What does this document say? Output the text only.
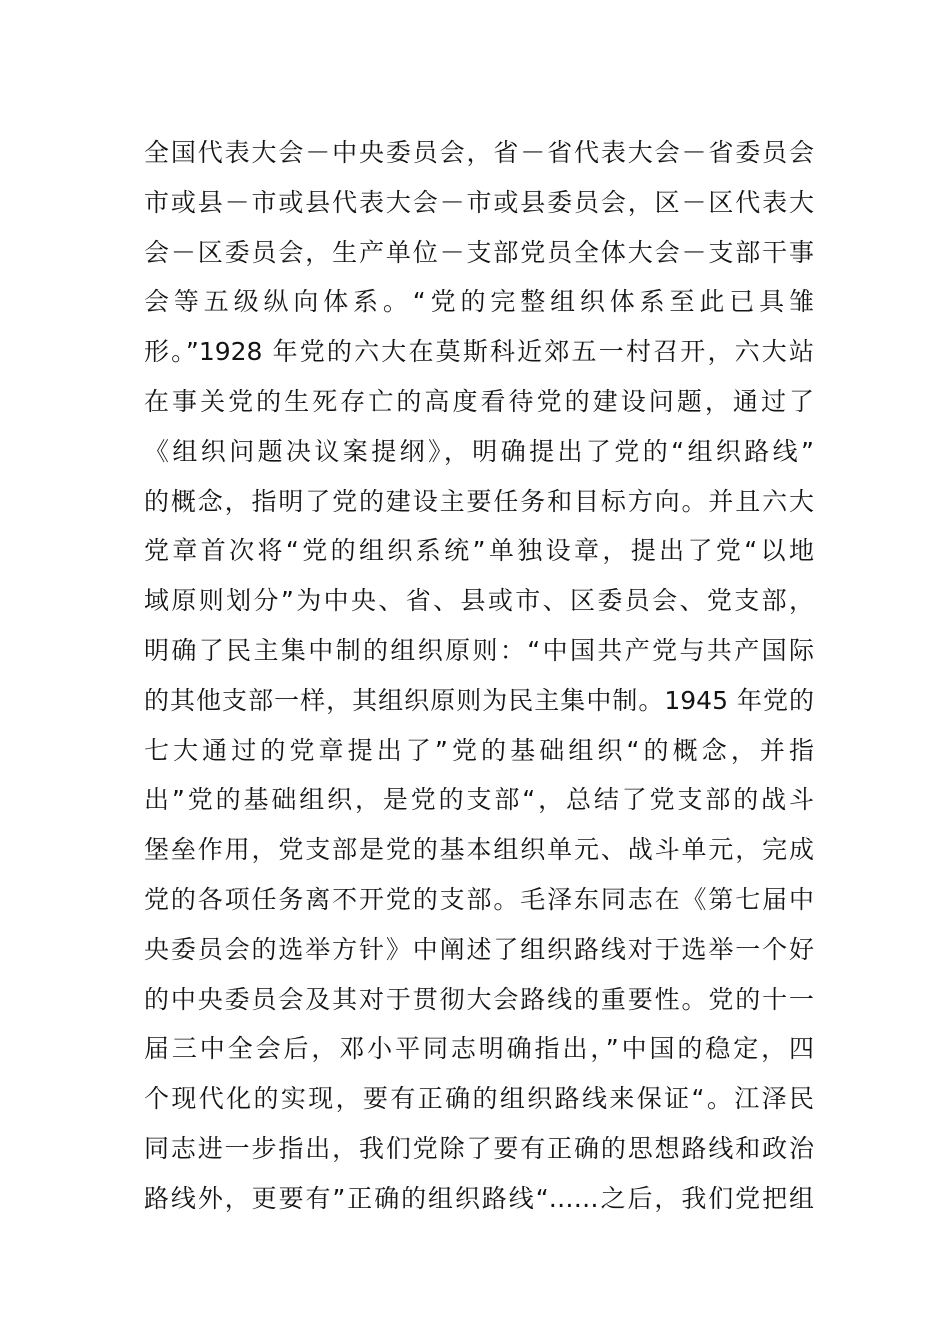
全国代表大会－中央委员会，省－省代表大会－省委员会
市或县－市或县代表大会－市或县委员会，区－区代表大
会－区委员会，生产单位－支部党员全体大会－支部干事
会等五级纵向体系。“党的完整组织体系至此已具雏
形。”1928 年党的六大在莫斯科近郊五一村召开，六大站
在事关党的生死存亡的高度看待党的建设问题，通过了
《组织问题决议案提纲》，明确提出了党的“组织路线”
的概念，指明了党的建设主要任务和目标方向。并且六大
党章首次将“党的组织系统”单独设章，提出了党“以地
域原则划分”为中央、省、县或市、区委员会、党支部，
明确了民主集中制的组织原则：“中国共产党与共产国际
的其他支部一样，其组织原则为民主集中制。1945 年党的
七大通过的党章提出了”党的基础组织“的概念，并指
出”党的基础组织，是党的支部“，总结了党支部的战斗
堡垒作用，党支部是党的基本组织单元、战斗单元，完成
党的各项任务离不开党的支部。毛泽东同志在《第七届中
央委员会的选举方针》中阐述了组织路线对于选举一个好
的中央委员会及其对于贯彻大会路线的重要性。党的十一
届三中全会后，邓小平同志明确指出，”中国的稳定，四
个现代化的实现，要有正确的组织路线来保证“。江泽民
同志进一步指出，我们党除了要有正确的思想路线和政治
路线外，更要有”正确的组织路线“……之后，我们党把组
